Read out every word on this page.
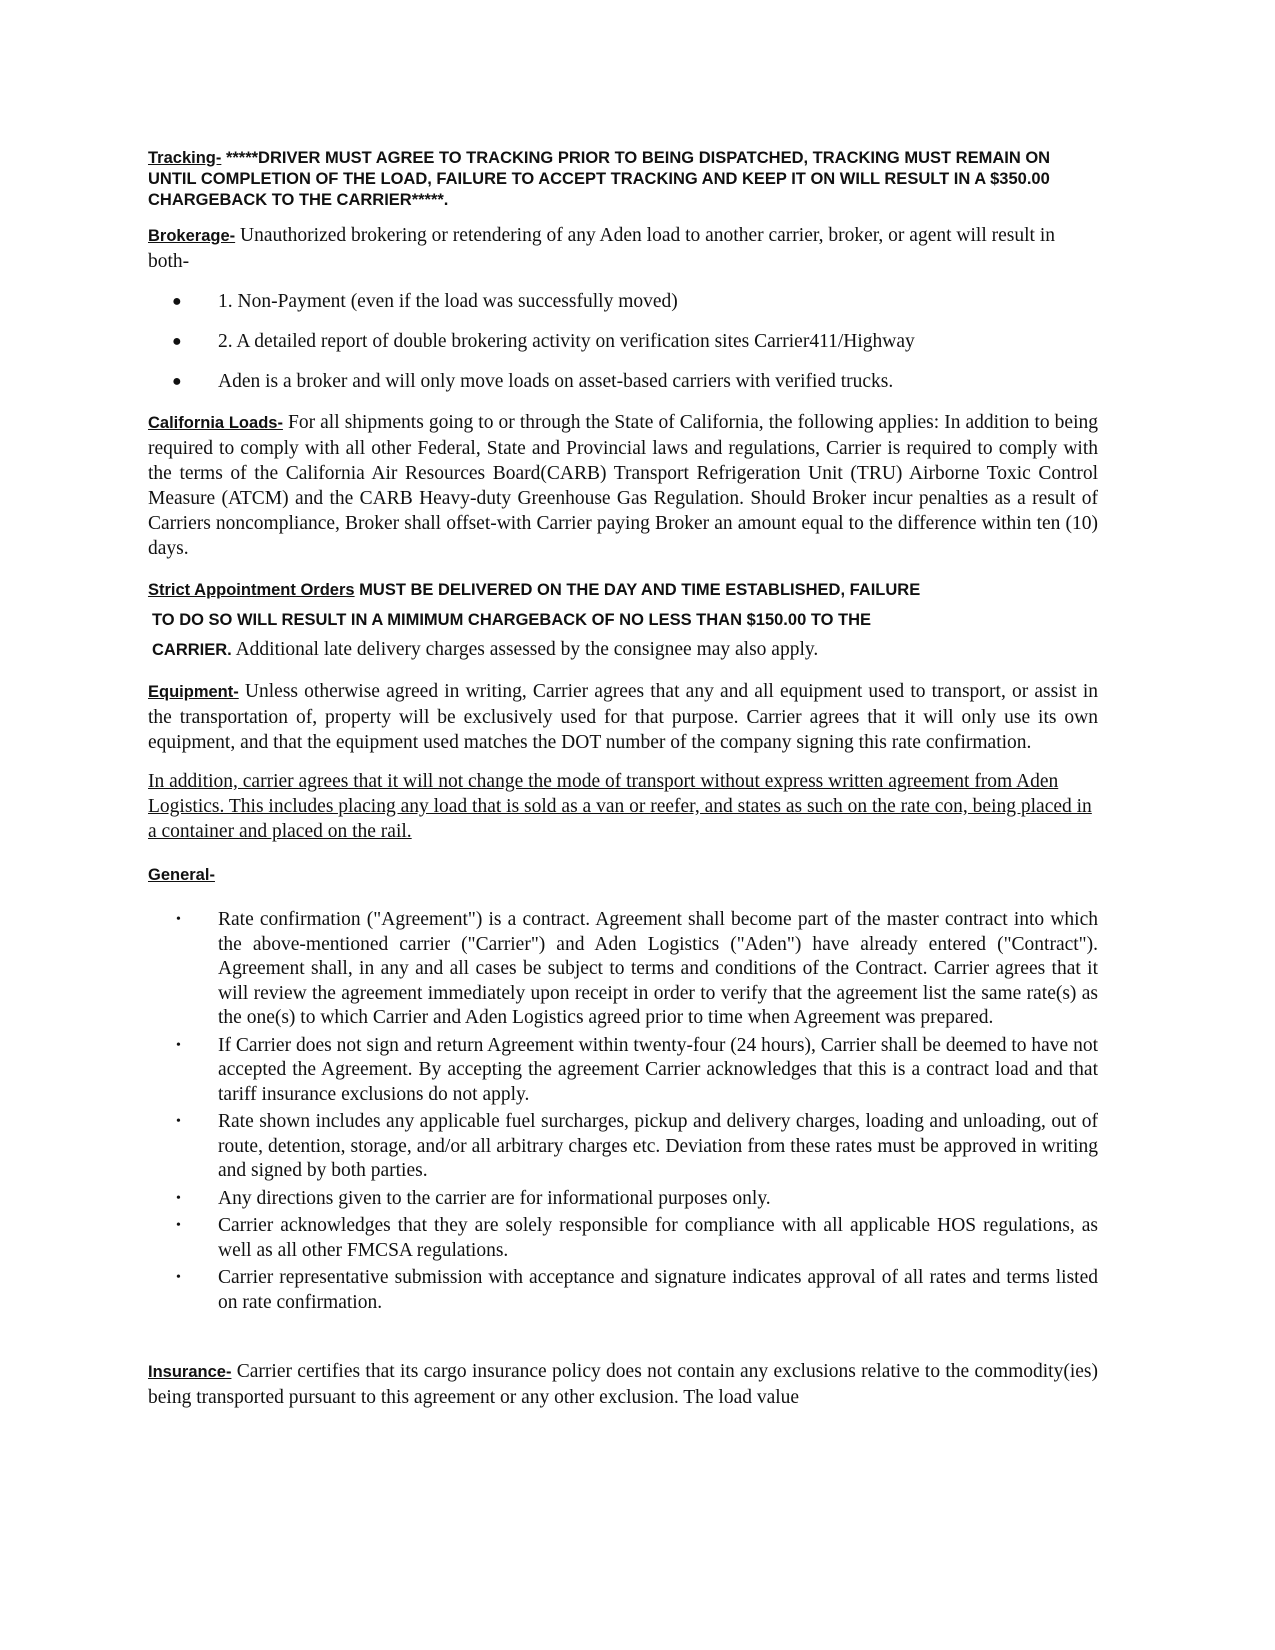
Tracking- *****DRIVER MUST AGREE TO TRACKING PRIOR TO BEING DISPATCHED, TRACKING MUST REMAIN ON UNTIL COMPLETION OF THE LOAD, FAILURE TO ACCEPT TRACKING AND KEEP IT ON WILL RESULT IN A $350.00 CHARGEBACK TO THE CARRIER*****.

Brokerage- Unauthorized brokering or retendering of any Aden load to another carrier, broker, or agent will result in both-

● 1. Non-Payment (even if the load was successfully moved)
● 2. A detailed report of double brokering activity on verification sites Carrier411/Highway
● Aden is a broker and will only move loads on asset-based carriers with verified trucks.

California Loads- For all shipments going to or through the State of California, the following applies: In addition to being required to comply with all other Federal, State and Provincial laws and regulations, Carrier is required to comply with the terms of the California Air Resources Board(CARB) Transport Refrigeration Unit (TRU) Airborne Toxic Control Measure (ATCM) and the CARB Heavy-duty Greenhouse Gas Regulation. Should Broker incur penalties as a result of Carriers noncompliance, Broker shall offset-with Carrier paying Broker an amount equal to the difference within ten (10) days.

Strict Appointment Orders MUST BE DELIVERED ON THE DAY AND TIME ESTABLISHED, FAILURE
TO DO SO WILL RESULT IN A MIMIMUM CHARGEBACK OF NO LESS THAN $150.00 TO THE
CARRIER. Additional late delivery charges assessed by the consignee may also apply.

Equipment- Unless otherwise agreed in writing, Carrier agrees that any and all equipment used to transport, or assist in the transportation of, property will be exclusively used for that purpose. Carrier agrees that it will only use its own equipment, and that the equipment used matches the DOT number of the company signing this rate confirmation.

In addition, carrier agrees that it will not change the mode of transport without express written agreement from Aden Logistics. This includes placing any load that is sold as a van or reefer, and states as such on the rate con, being placed in a container and placed on the rail.

General-

• Rate confirmation ("Agreement") is a contract. Agreement shall become part of the master contract into which the above-mentioned carrier ("Carrier") and Aden Logistics ("Aden") have already entered ("Contract"). Agreement shall, in any and all cases be subject to terms and conditions of the Contract. Carrier agrees that it will review the agreement immediately upon receipt in order to verify that the agreement list the same rate(s) as the one(s) to which Carrier and Aden Logistics agreed prior to time when Agreement was prepared.
• If Carrier does not sign and return Agreement within twenty-four (24 hours), Carrier shall be deemed to have not accepted the Agreement. By accepting the agreement Carrier acknowledges that this is a contract load and that tariff insurance exclusions do not apply.
• Rate shown includes any applicable fuel surcharges, pickup and delivery charges, loading and unloading, out of route, detention, storage, and/or all arbitrary charges etc. Deviation from these rates must be approved in writing and signed by both parties.
• Any directions given to the carrier are for informational purposes only.
• Carrier acknowledges that they are solely responsible for compliance with all applicable HOS regulations, as well as all other FMCSA regulations.
• Carrier representative submission with acceptance and signature indicates approval of all rates and terms listed on rate confirmation.

Insurance- Carrier certifies that its cargo insurance policy does not contain any exclusions relative to the commodity(ies) being transported pursuant to this agreement or any other exclusion. The load value
